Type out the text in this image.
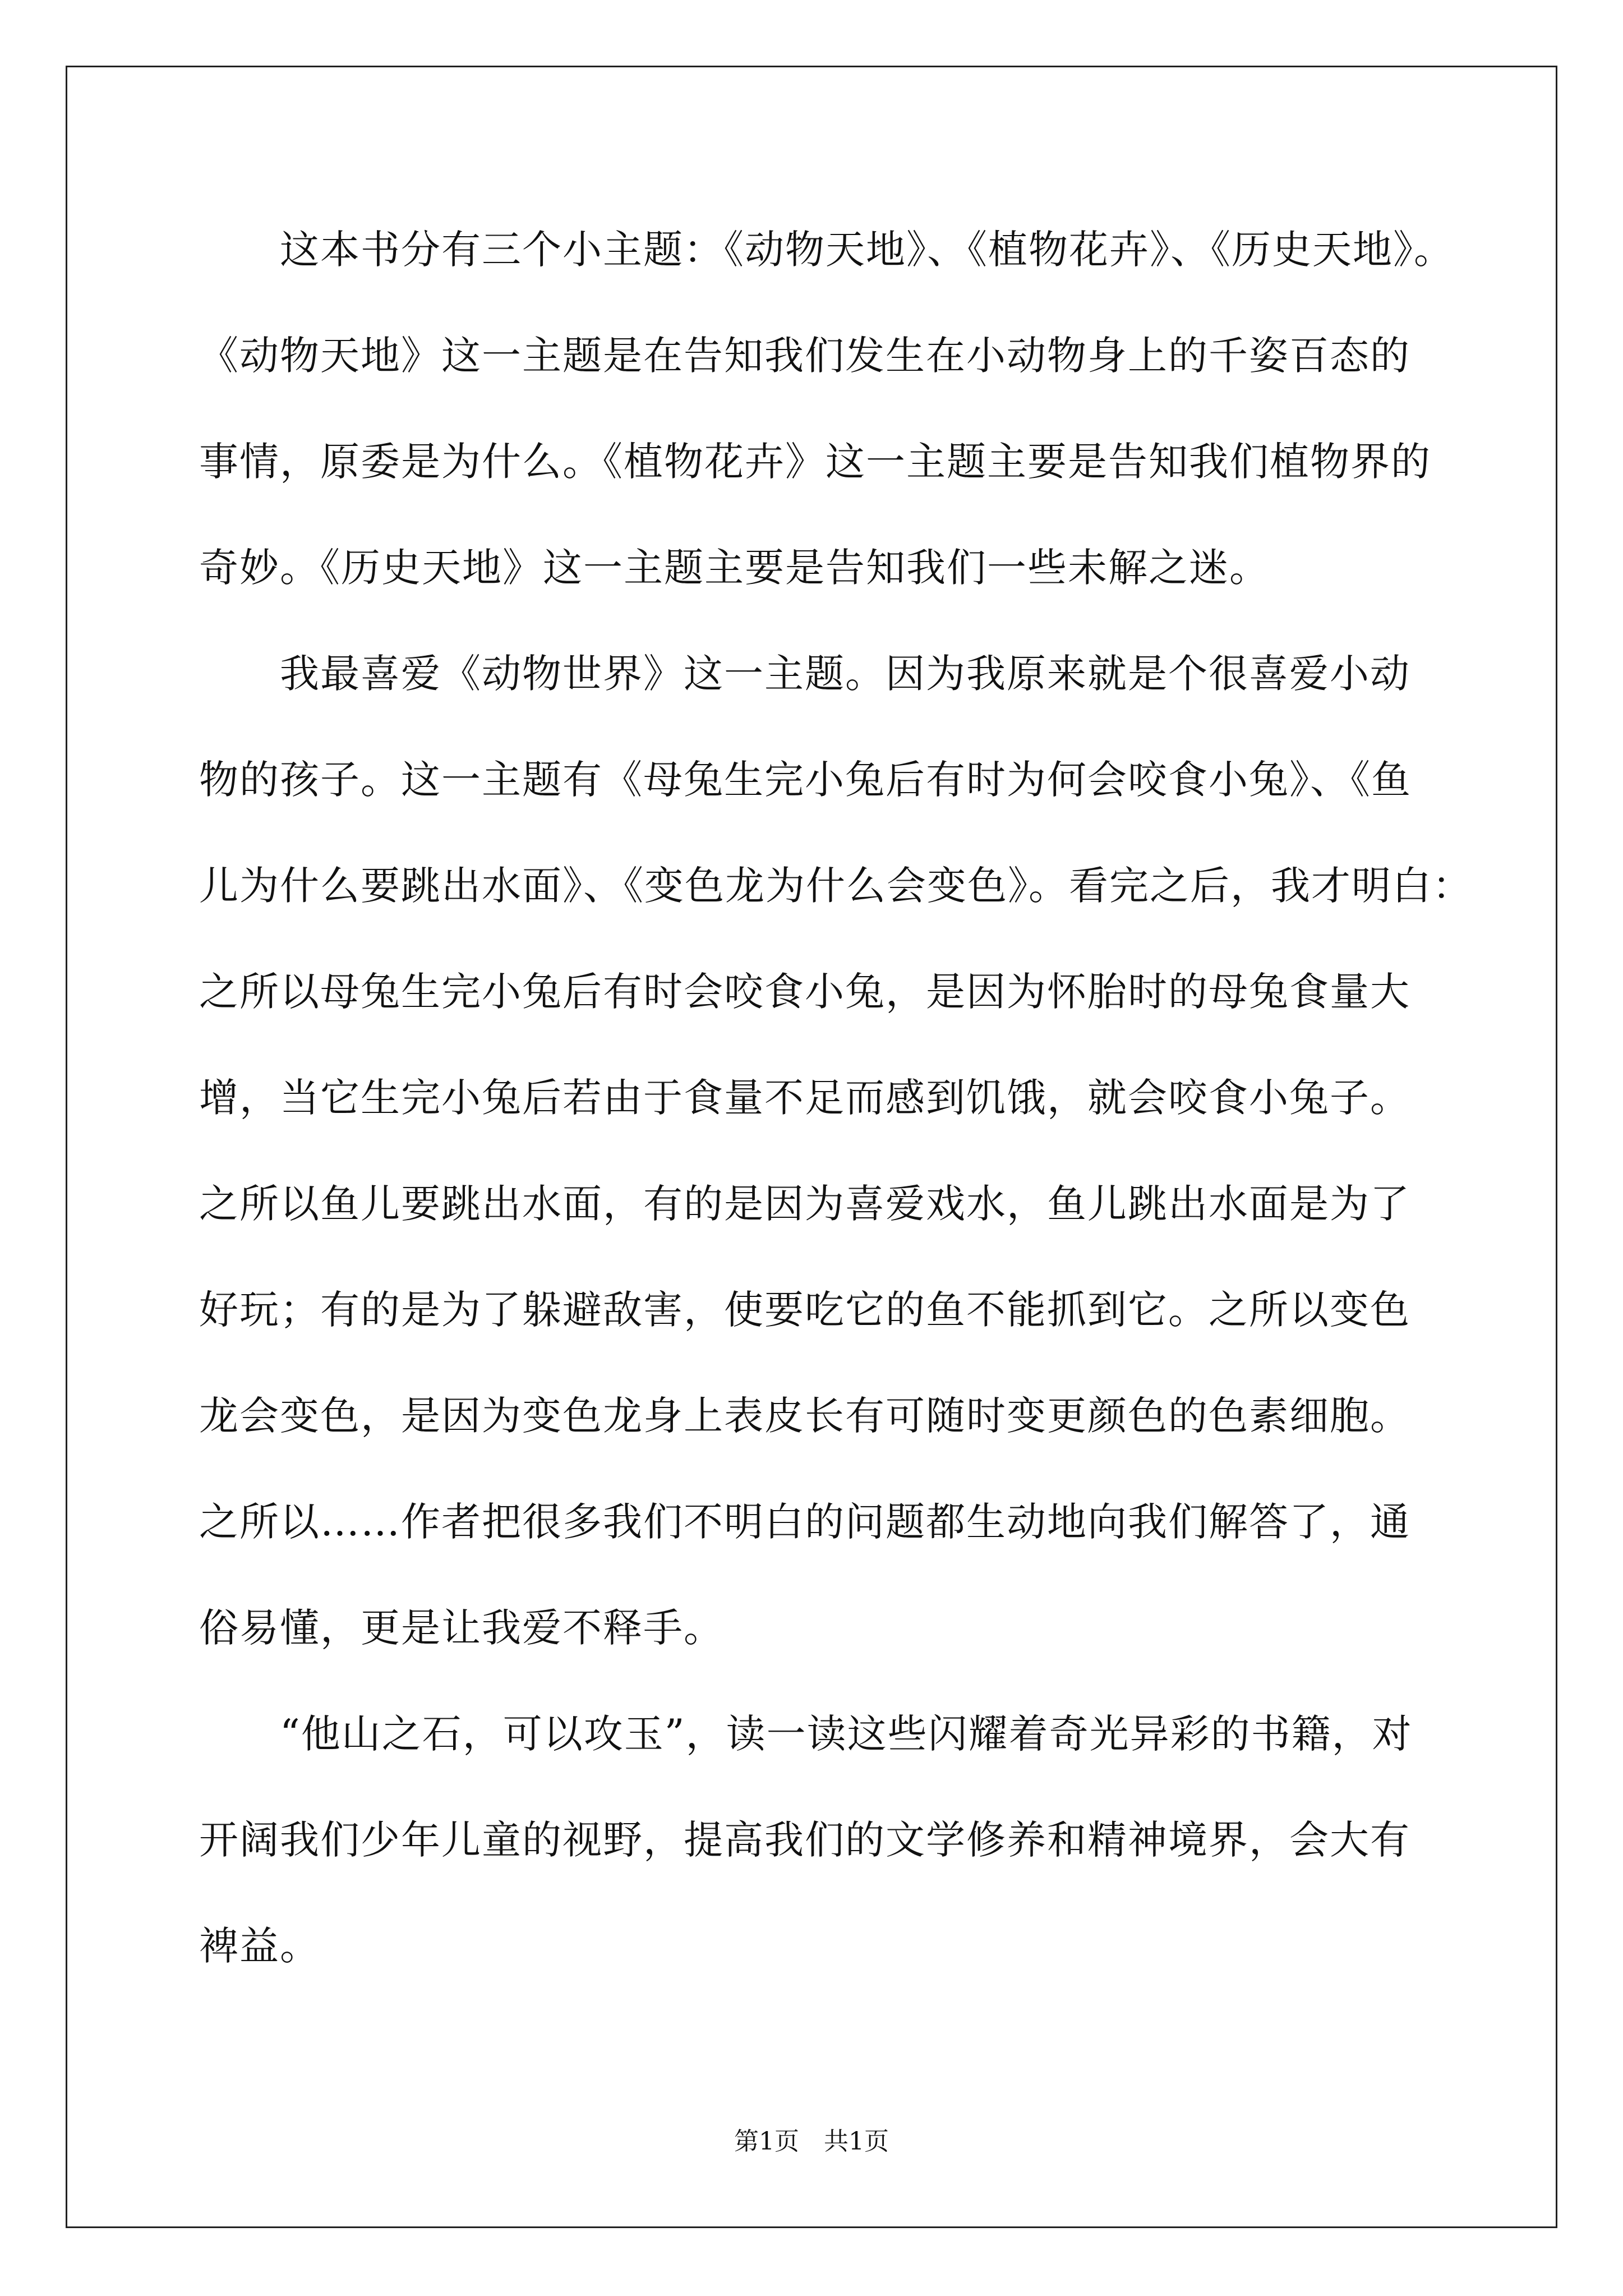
　　这本书分有三个小主题：《动物天地》、《植物花卉》、《历史天地》。
《动物天地》这一主题是在告知我们发生在小动物身上的千姿百态的
事情，原委是为什么。《植物花卉》这一主题主要是告知我们植物界的
奇妙。《历史天地》这一主题主要是告知我们一些未解之迷。
　　我最喜爱《动物世界》这一主题。因为我原来就是个很喜爱小动
物的孩子。这一主题有《母兔生完小兔后有时为何会咬食小兔》、《鱼
儿为什么要跳出水面》、《变色龙为什么会变色》。看完之后，我才明白：
之所以母兔生完小兔后有时会咬食小兔，是因为怀胎时的母兔食量大
增，当它生完小兔后若由于食量不足而感到饥饿，就会咬食小兔子。
之所以鱼儿要跳出水面，有的是因为喜爱戏水，鱼儿跳出水面是为了
好玩；有的是为了躲避敌害，使要吃它的鱼不能抓到它。之所以变色
龙会变色，是因为变色龙身上表皮长有可随时变更颜色的色素细胞。
之所以……作者把很多我们不明白的问题都生动地向我们解答了，通
俗易懂，更是让我爱不释手。
　　“他山之石，可以攻玉”，读一读这些闪耀着奇光异彩的书籍，对
开阔我们少年儿童的视野，提高我们的文学修养和精神境界，会大有
裨益。
第1页　共1页
